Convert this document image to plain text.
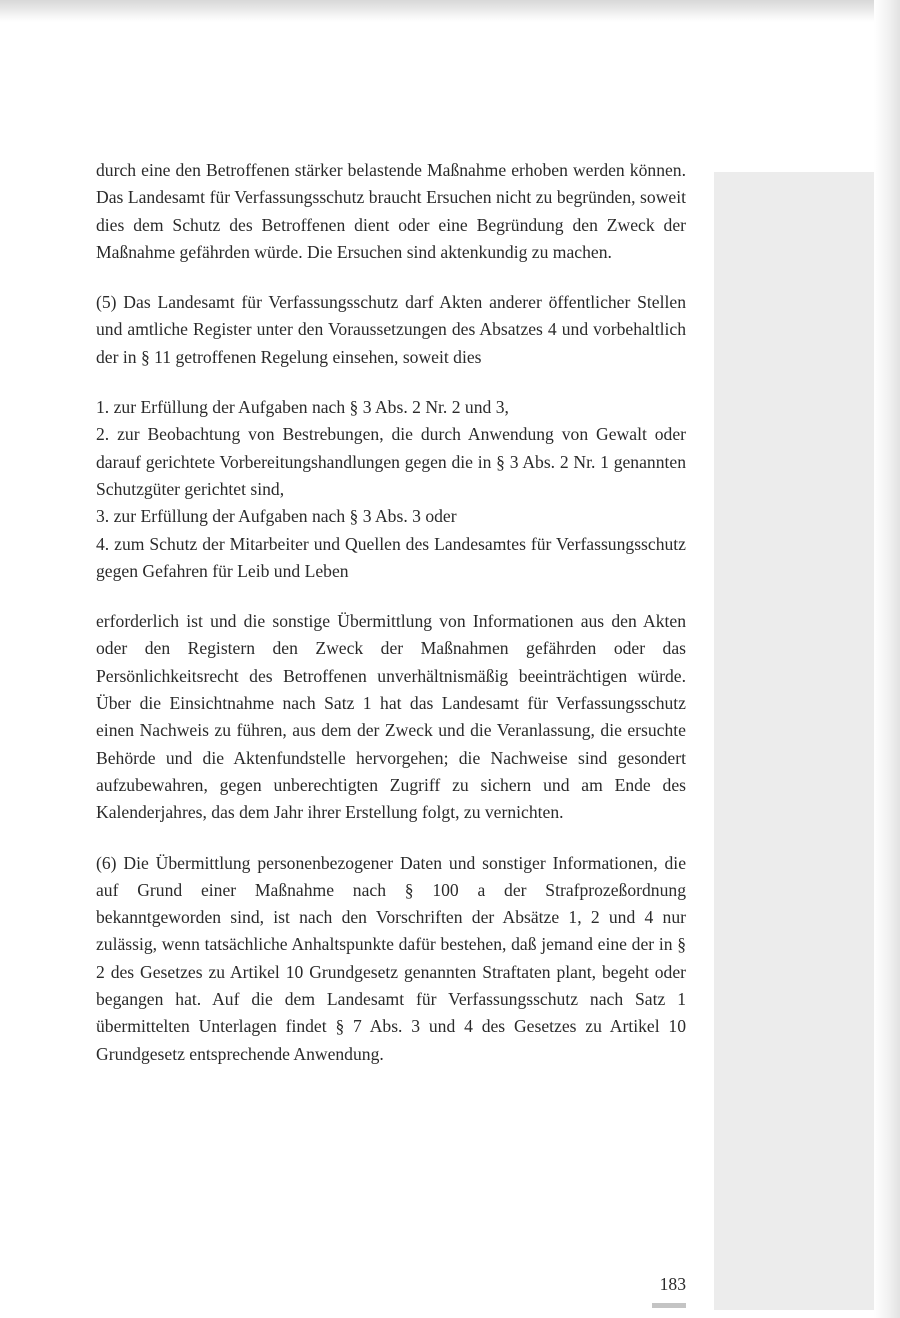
durch eine den Betroffenen stärker belastende Maßnahme erhoben werden können. Das Landesamt für Verfassungsschutz braucht Ersuchen nicht zu begründen, soweit dies dem Schutz des Betroffenen dient oder eine Begründung den Zweck der Maßnahme gefährden würde. Die Ersuchen sind aktenkundig zu machen.

(5) Das Landesamt für Verfassungsschutz darf Akten anderer öffentlicher Stellen und amtliche Register unter den Voraussetzungen des Absatzes 4 und vorbehaltlich der in § 11 getroffenen Regelung einsehen, soweit dies

1. zur Erfüllung der Aufgaben nach § 3 Abs. 2 Nr. 2 und 3,

2. zur Beobachtung von Bestrebungen, die durch Anwendung von Gewalt oder darauf gerichtete Vorbereitungshandlungen gegen die in § 3 Abs. 2 Nr. 1 genannten Schutzgüter gerichtet sind,

3. zur Erfüllung der Aufgaben nach § 3 Abs. 3 oder

4. zum Schutz der Mitarbeiter und Quellen des Landesamtes für Verfassungsschutz gegen Gefahren für Leib und Leben

erforderlich ist und die sonstige Übermittlung von Informationen aus den Akten oder den Registern den Zweck der Maßnahmen gefährden oder das Persönlichkeitsrecht des Betroffenen unverhältnismäßig beeinträchtigen würde. Über die Einsichtnahme nach Satz 1 hat das Landesamt für Verfassungsschutz einen Nachweis zu führen, aus dem der Zweck und die Veranlassung, die ersuchte Behörde und die Aktenfundstelle hervorgehen; die Nachweise sind gesondert aufzubewahren, gegen unberechtigten Zugriff zu sichern und am Ende des Kalenderjahres, das dem Jahr ihrer Erstellung folgt, zu vernichten.

(6) Die Übermittlung personenbezogener Daten und sonstiger Informationen, die auf Grund einer Maßnahme nach § 100 a der Strafprozeßordnung bekanntgeworden sind, ist nach den Vorschriften der Absätze 1, 2 und 4 nur zulässig, wenn tatsächliche Anhaltspunkte dafür bestehen, daß jemand eine der in § 2 des Gesetzes zu Artikel 10 Grundgesetz genannten Straftaten plant, begeht oder begangen hat. Auf die dem Landesamt für Verfassungsschutz nach Satz 1 übermittelten Unterlagen findet § 7 Abs. 3 und 4 des Gesetzes zu Artikel 10 Grundgesetz entsprechende Anwendung.

183
